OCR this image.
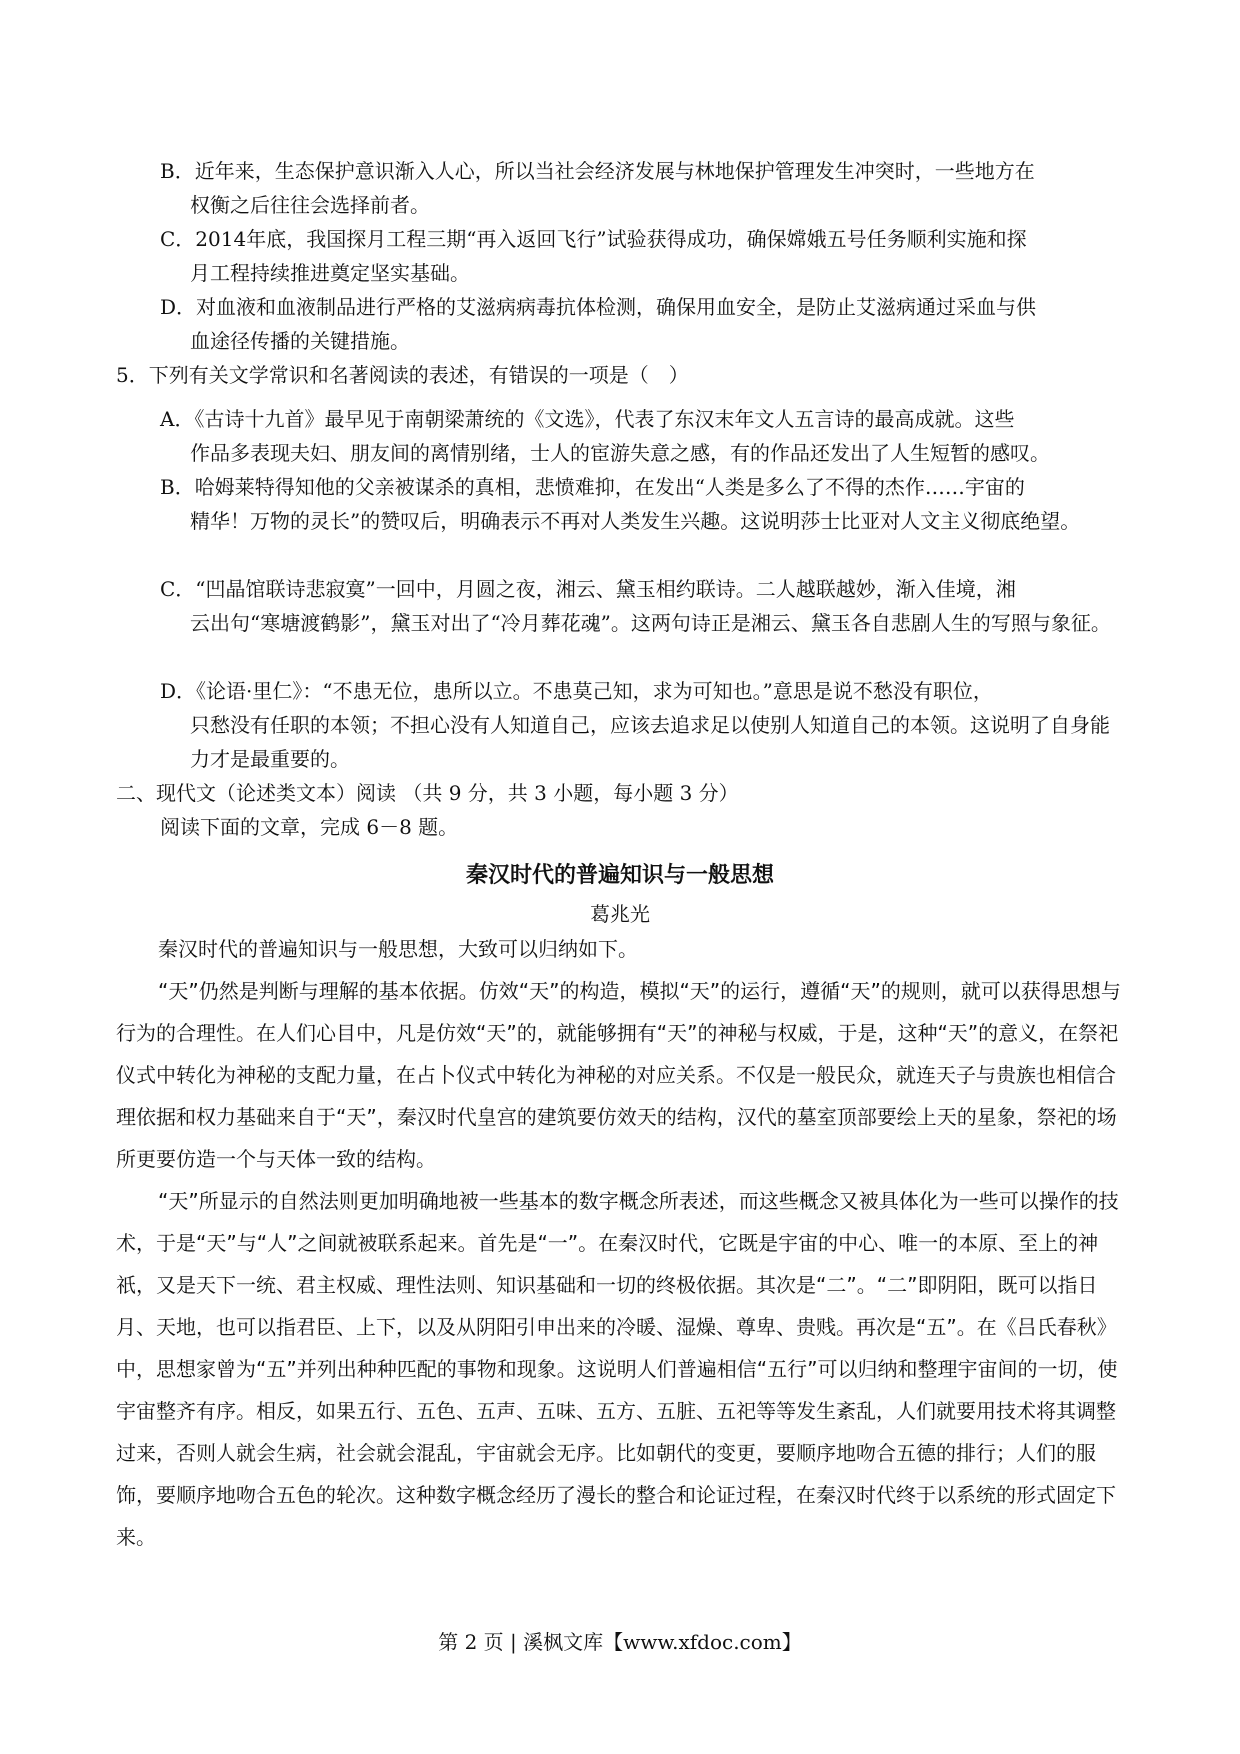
B．近年来，生态保护意识渐入人心，所以当社会经济发展与林地保护管理发生冲突时，一些地方在
权衡之后往往会选择前者。
C．2014年底，我国探月工程三期“再入返回飞行”试验获得成功，确保嫦娥五号任务顺利实施和探
月工程持续推进奠定坚实基础。
D．对血液和血液制品进行严格的艾滋病病毒抗体检测，确保用血安全，是防止艾滋病通过采血与供
血途径传播的关键措施。
5．下列有关文学常识和名著阅读的表述，有错误的一项是（　）
A．《古诗十九首》最早见于南朝梁萧统的《文选》，代表了东汉末年文人五言诗的最高成就。这些
作品多表现夫妇、朋友间的离情别绪，士人的宦游失意之感，有的作品还发出了人生短暂的感叹。
B．哈姆莱特得知他的父亲被谋杀的真相，悲愤难抑，在发出“人类是多么了不得的杰作……宇宙的
精华！万物的灵长”的赞叹后，明确表示不再对人类发生兴趣。这说明莎士比亚对人文主义彻底绝望。
C．“凹晶馆联诗悲寂寞”一回中，月圆之夜，湘云、黛玉相约联诗。二人越联越妙，渐入佳境，湘
云出句“寒塘渡鹤影”，黛玉对出了“冷月葬花魂”。这两句诗正是湘云、黛玉各自悲剧人生的写照与象征。
D．《论语·里仁》：“不患无位，患所以立。不患莫己知，求为可知也。”意思是说不愁没有职位，
只愁没有任职的本领；不担心没有人知道自己，应该去追求足以使别人知道自己的本领。这说明了自身能力才是最重要的。
二、现代文（论述类文本）阅读 （共 9 分，共 3 小题，每小题 3 分）
阅读下面的文章，完成 6－8 题。
秦汉时代的普遍知识与一般思想
葛兆光

秦汉时代的普遍知识与一般思想，大致可以归纳如下。

“天”仍然是判断与理解的基本依据。仿效“天”的构造，模拟“天”的运行，遵循“天”的规则，就可以获得思想与行为的合理性。在人们心目中，凡是仿效“天”的，就能够拥有“天”的神秘与权威，于是，这种“天”的意义，在祭祀仪式中转化为神秘的支配力量，在占卜仪式中转化为神秘的对应关系。不仅是一般民众，就连天子与贵族也相信合理依据和权力基础来自于“天”，秦汉时代皇宫的建筑要仿效天的结构，汉代的墓室顶部要绘上天的星象，祭祀的场所更要仿造一个与天体一致的结构。

“天”所显示的自然法则更加明确地被一些基本的数字概念所表述，而这些概念又被具体化为一些可以操作的技术，于是“天”与“人”之间就被联系起来。首先是“一”。在秦汉时代，它既是宇宙的中心、唯一的本原、至上的神祇，又是天下一统、君主权威、理性法则、知识基础和一切的终极依据。其次是“二”。“二”即阴阳，既可以指日月、天地，也可以指君臣、上下，以及从阴阳引申出来的冷暖、湿燥、尊卑、贵贱。再次是“五”。在《吕氏春秋》中，思想家曾为“五”并列出种种匹配的事物和现象。这说明人们普遍相信“五行”可以归纳和整理宇宙间的一切，使宇宙整齐有序。相反，如果五行、五色、五声、五味、五方、五脏、五祀等等发生紊乱，人们就要用技术将其调整过来，否则人就会生病，社会就会混乱，宇宙就会无序。比如朝代的变更，要顺序地吻合五德的排行；人们的服饰，要顺序地吻合五色的轮次。这种数字概念经历了漫长的整合和论证过程，在秦汉时代终于以系统的形式固定下来。

第 2 页 | 溪枫文库【www.xfdoc.com】
